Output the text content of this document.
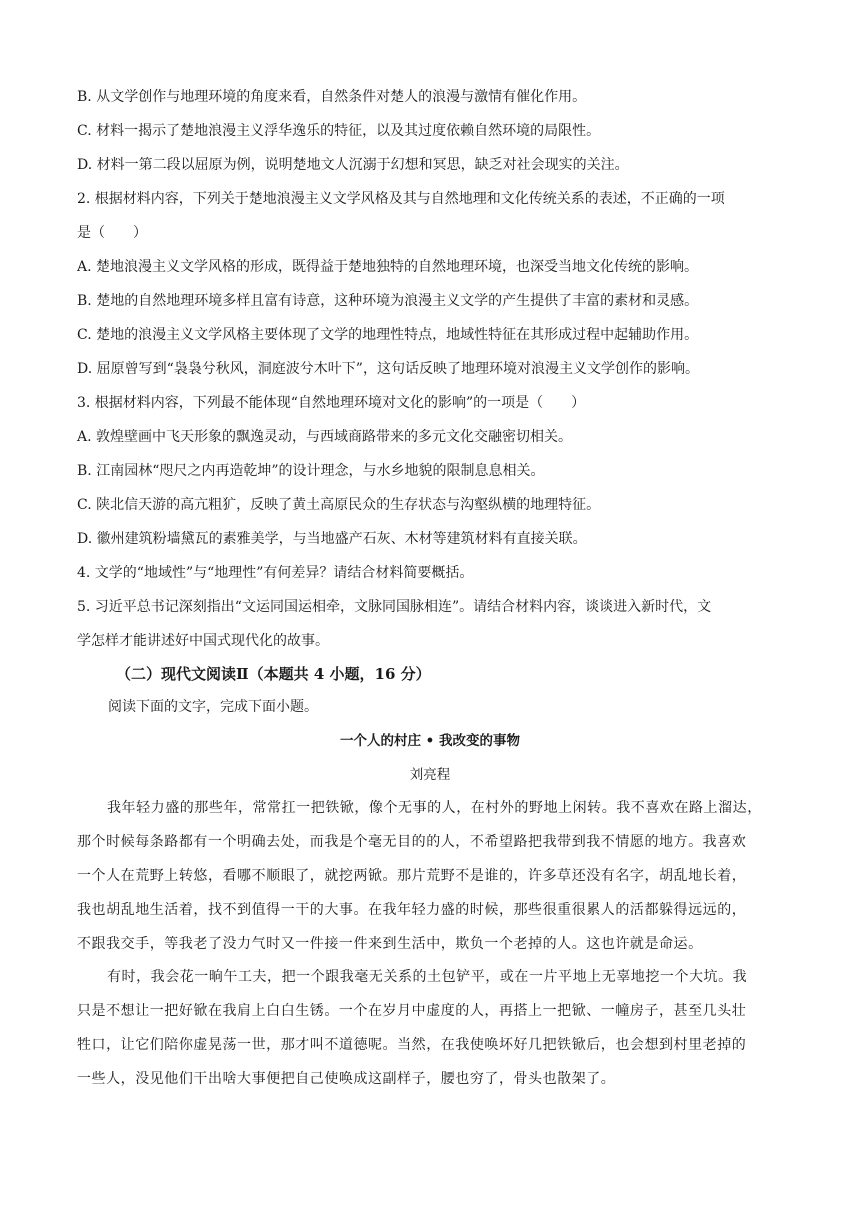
B. 从文学创作与地理环境的角度来看，自然条件对楚人的浪漫与激情有催化作用。
C. 材料一揭示了楚地浪漫主义浮华逸乐的特征，以及其过度依赖自然环境的局限性。
D. 材料一第二段以屈原为例，说明楚地文人沉溺于幻想和冥思，缺乏对社会现实的关注。
2. 根据材料内容，下列关于楚地浪漫主义文学风格及其与自然地理和文化传统关系的表述，不正确的一项
是（　　）
A. 楚地浪漫主义文学风格的形成，既得益于楚地独特的自然地理环境，也深受当地文化传统的影响。
B. 楚地的自然地理环境多样且富有诗意，这种环境为浪漫主义文学的产生提供了丰富的素材和灵感。
C. 楚地的浪漫主义文学风格主要体现了文学的地理性特点，地域性特征在其形成过程中起辅助作用。
D. 屈原曾写到“袅袅兮秋风，洞庭波兮木叶下”，这句话反映了地理环境对浪漫主义文学创作的影响。
3. 根据材料内容，下列最不能体现“自然地理环境对文化的影响”的一项是（　　）
A. 敦煌壁画中飞天形象的飘逸灵动，与西域商路带来的多元文化交融密切相关。
B. 江南园林“咫尺之内再造乾坤”的设计理念，与水乡地貌的限制息息相关。
C. 陕北信天游的高亢粗犷，反映了黄土高原民众的生存状态与沟壑纵横的地理特征。
D. 徽州建筑粉墙黛瓦的素雅美学，与当地盛产石灰、木材等建筑材料有直接关联。
4. 文学的“地域性”与“地理性”有何差异？请结合材料简要概括。
5. 习近平总书记深刻指出“文运同国运相牵，文脉同国脉相连”。请结合材料内容，谈谈进入新时代，文
学怎样才能讲述好中国式现代化的故事。
（二）现代文阅读Ⅱ（本题共 4 小题，16 分）
阅读下面的文字，完成下面小题。
一个人的村庄 • 我改变的事物
刘亮程
我年轻力盛的那些年，常常扛一把铁锨，像个无事的人，在村外的野地上闲转。我不喜欢在路上溜达，
那个时候每条路都有一个明确去处，而我是个毫无目的的人，不希望路把我带到我不情愿的地方。我喜欢
一个人在荒野上转悠，看哪不顺眼了，就挖两锨。那片荒野不是谁的，许多草还没有名字，胡乱地长着，
我也胡乱地生活着，找不到值得一干的大事。在我年轻力盛的时候，那些很重很累人的活都躲得远远的，
不跟我交手，等我老了没力气时又一件接一件来到生活中，欺负一个老掉的人。这也许就是命运。
有时，我会花一晌午工夫，把一个跟我毫无关系的土包铲平，或在一片平地上无辜地挖一个大坑。我
只是不想让一把好锨在我肩上白白生锈。一个在岁月中虚度的人，再搭上一把锨、一幢房子，甚至几头壮
牲口，让它们陪你虚晃荡一世，那才叫不道德呢。当然，在我使唤坏好几把铁锨后，也会想到村里老掉的
一些人，没见他们干出啥大事便把自己使唤成这副样子，腰也穷了，骨头也散架了。
